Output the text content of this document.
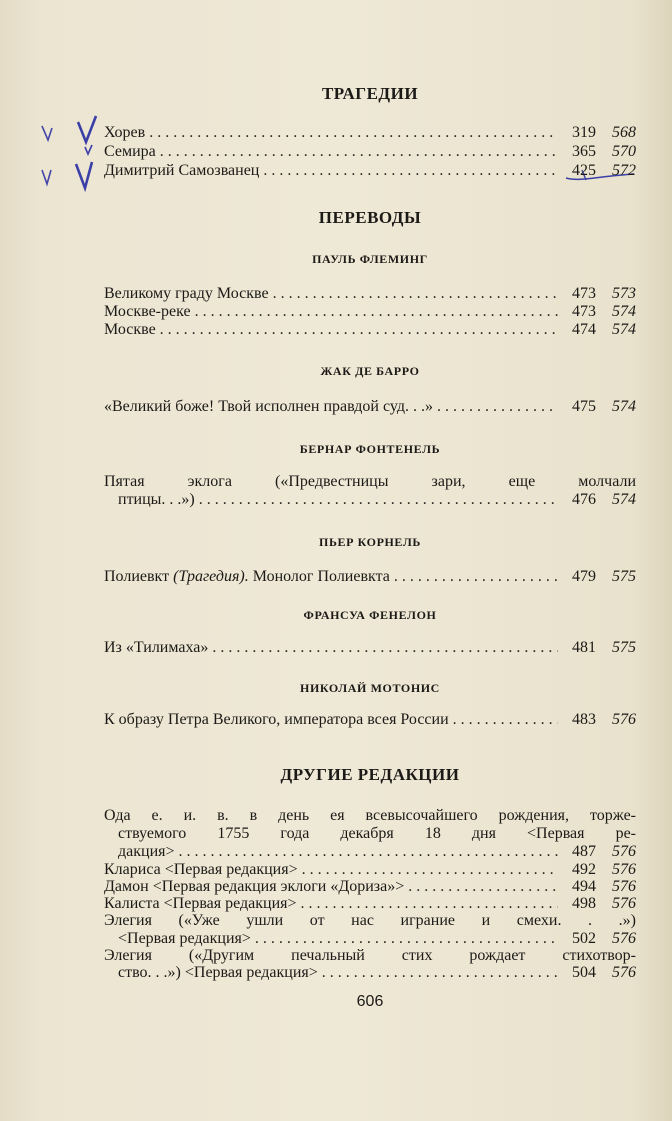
ТРАГЕДИИ
Хорев . . .	319	568
Семира . . .	365	570
Димитрий Самозванец . . .	425	572
ПЕРЕВОДЫ
ПАУЛЬ ФЛЕМИНГ
Великому граду Москве . . .	473	573
Москве-реке . . .	473	574
Москве . . .	474	574
ЖАК ДЕ БАРРО
«Великий боже! Твой исполнен правдой суд. . .» . . .	475	574
БЕРНАР ФОНТЕНЕЛЬ
Пятая эклога («Предвестницы зари, еще молчали
птицы. . .») . . .	476	574
ПЬЕР КОРНЕЛЬ
Полиевкт (Трагедия). Монолог Полиевкта . . .	479	575
ФРАНСУА ФЕНЕЛОН
Из «Тилимаха» . . .	481	575
НИКОЛАЙ МОТОНИС
К образу Петра Великого, императора всея России . . .	483	576
ДРУГИЕ РЕДАКЦИИ
Ода е. и. в. в день ея всевысочайшего рождения, торже-
ствуемого 1755 года декабря 18 дня <Первая ре-
дакция> . . .	487	576
Клариса <Первая редакция> . . .	492	576
Дамон <Первая редакция эклоги «Дориза»> . . .	494	576
Калиста <Первая редакция> . . .	498	576
Элегия («Уже ушли от нас играние и смехи. . .»)
<Первая редакция> . . .	502	576
Элегия («Другим печальный стих рождает стихотвор-
ство. . .») <Первая редакция> . . .	504	576
606
